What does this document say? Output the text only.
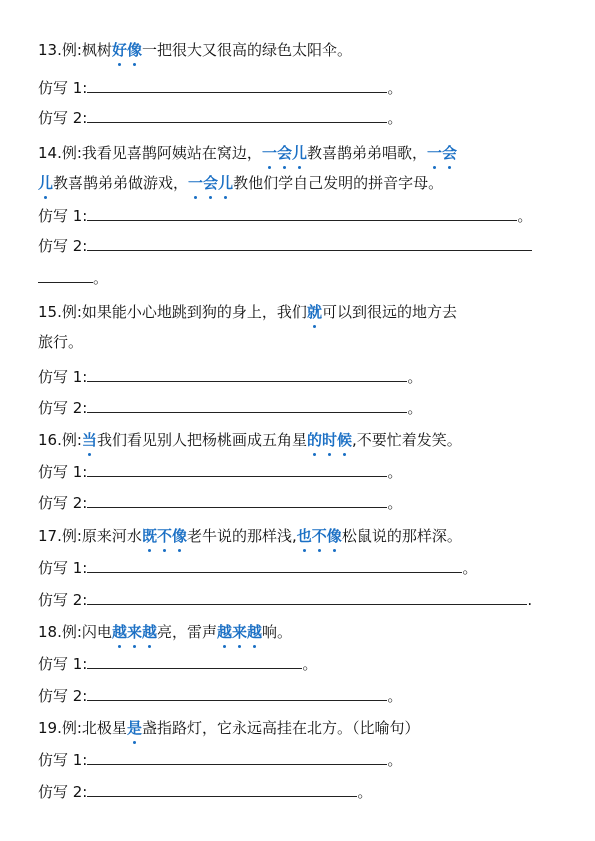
13.例:枫树好像一把很大又很高的绿色太阳伞。
仿写 1:	。
仿写 2:	。
14.例:我看见喜鹊阿姨站在窝边，一会儿教喜鹊弟弟唱歌，一会
儿教喜鹊弟弟做游戏，一会儿教他们学自己发明的拼音字母。
仿写 1:	。
仿写 2:
。
15.例:如果能小心地跳到狗的身上，我们就可以到很远的地方去
旅行。
仿写 1:	。
仿写 2:	。
16.例:当我们看见别人把杨桃画成五角星的时候,不要忙着发笑。
仿写 1:	。
仿写 2:	。
17.例:原来河水既不像老牛说的那样浅,也不像松鼠说的那样深。
仿写 1:	。
仿写 2:	.
18.例:闪电越来越亮，雷声越来越响。
仿写 1:	。
仿写 2:	。
19.例:北极星是盏指路灯，它永远高挂在北方。（比喻句）
仿写 1:	。
仿写 2:	。
